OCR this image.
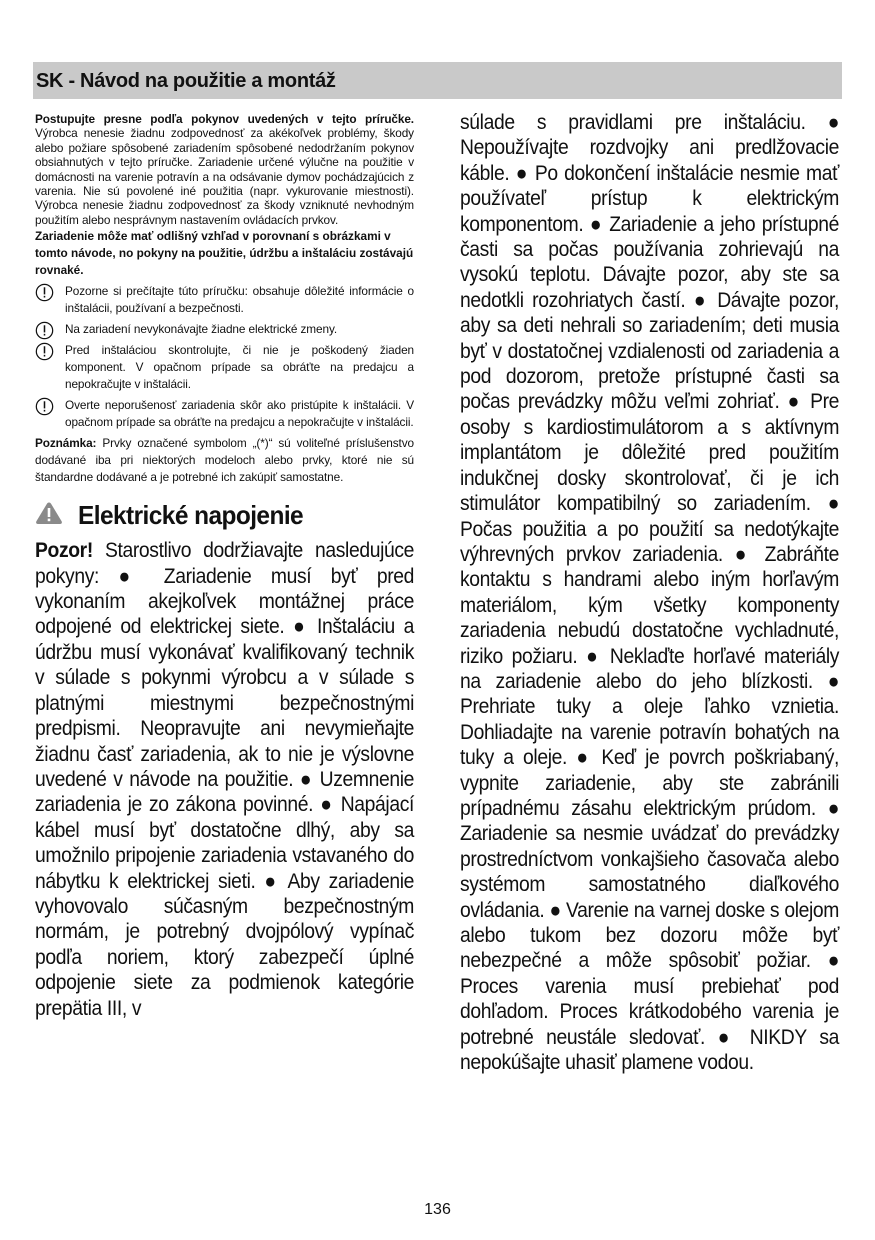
SK - Návod na použitie a montáž

Postupujte presne podľa pokynov uvedených v tejto príručke. Výrobca nenesie žiadnu zodpovednosť za akékoľvek problémy, škody alebo požiare spôsobené zariadením spôsobené nedodržaním pokynov obsiahnutých v tejto príručke. Zariadenie určené výlučne na použitie v domácnosti na varenie potravín a na odsávanie dymov pochádzajúcich z varenia. Nie sú povolené iné použitia (napr. vykurovanie miestnosti). Výrobca nenesie žiadnu zodpovednosť za škody vzniknuté nevhodným použitím alebo nesprávnym nastavením ovládacích prvkov.

Zariadenie môže mať odlišný vzhľad v porovnaní s obrázkami v tomto návode, no pokyny na použitie, údržbu a inštaláciu zostávajú rovnaké.

Pozorne si prečítajte túto príručku: obsahuje dôležité informácie o inštalácii, používaní a bezpečnosti.

Na zariadení nevykonávajte žiadne elektrické zmeny.

Pred inštaláciou skontrolujte, či nie je poškodený žiaden komponent. V opačnom prípade sa obráťte na predajcu a nepokračujte v inštalácii.

Overte neporušenosť zariadenia skôr ako pristúpite k inštalácii. V opačnom prípade sa obráťte na predajcu a nepokračujte v inštalácii.

Poznámka: Prvky označené symbolom „(*)“ sú voliteľné príslušenstvo dodávané iba pri niektorých modeloch alebo prvky, ktoré nie sú štandardne dodávané a je potrebné ich zakúpiť samostatne.

Elektrické napojenie

Pozor! Starostlivo dodržiavajte nasledujúce pokyny: ● Zariadenie musí byť pred vykonaním akejkoľvek montážnej práce odpojené od elektrickej siete. ● Inštaláciu a údržbu musí vykonávať kvalifikovaný technik v súlade s pokynmi výrobcu a v súlade s platnými miestnymi bezpečnostnými predpismi. Neopravujte ani nevymieňajte žiadnu časť zariadenia, ak to nie je výslovne uvedené v návode na použitie. ● Uzemnenie zariadenia je zo zákona povinné. ● Napájací kábel musí byť dostatočne dlhý, aby sa umožnilo pripojenie zariadenia vstavaného do nábytku k elektrickej sieti. ● Aby zariadenie vyhovovalo súčasným bezpečnostným normám, je potrebný dvojpólový vypínač podľa noriem, ktorý zabezpečí úplné odpojenie siete za podmienok kategórie prepätia III, v

súlade s pravidlami pre inštaláciu. ● Nepoužívajte rozdvojky ani predlžovacie káble. ● Po dokončení inštalácie nesmie mať používateľ prístup k elektrickým komponentom. ● Zariadenie a jeho prístupné časti sa počas používania zohrievajú na vysokú teplotu. Dávajte pozor, aby ste sa nedotkli rozohriatych častí. ● Dávajte pozor, aby sa deti nehrali so zariadením; deti musia byť v dostatočnej vzdialenosti od zariadenia a pod dozorom, pretože prístupné časti sa počas prevádzky môžu veľmi zohriať. ● Pre osoby s kardiostimulátorom a s aktívnym implantátom je dôležité pred použitím indukčnej dosky skontrolovať, či je ich stimulátor kompatibilný so zariadením. ● Počas použitia a po použití sa nedotýkajte výhrevných prvkov zariadenia. ● Zabráňte kontaktu s handrami alebo iným horľavým materiálom, kým všetky komponenty zariadenia nebudú dostatočne vychladnuté, riziko požiaru. ● Neklaďte horľavé materiály na zariadenie alebo do jeho blízkosti. ● Prehriate tuky a oleje ľahko vznietia. Dohliadajte na varenie potravín bohatých na tuky a oleje. ● Keď je povrch poškriabaný, vypnite zariadenie, aby ste zabránili prípadnému zásahu elektrickým prúdom. ● Zariadenie sa nesmie uvádzať do prevádzky prostredníctvom vonkajšieho časovača alebo systémom samostatného diaľkového ovládania. ● Varenie na varnej doske s olejom alebo tukom bez dozoru môže byť nebezpečné a môže spôsobiť požiar. ● Proces varenia musí prebiehať pod dohľadom. Proces krátkodobého varenia je potrebné neustále sledovať. ● NIKDY sa nepokúšajte uhasiť plamene vodou.

136
